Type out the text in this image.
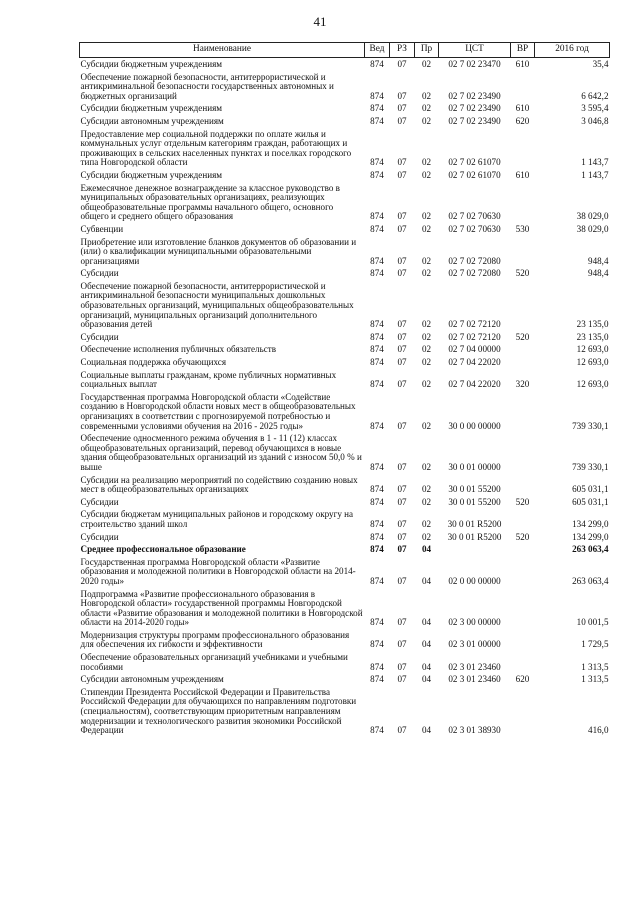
41
Наименование	Вед	РЗ	Пр	ЦСТ	ВР	2016 год
Субсидии бюджетным учреждениям	874	07	02	02 7 02 23470	610	35,4
Обеспечение пожарной безопасности, антитеррористической и антикриминальной безопасности государственных автономных и бюджетных организаций	874	07	02	02 7 02 23490		6 642,2
Субсидии бюджетным учреждениям	874	07	02	02 7 02 23490	610	3 595,4
Субсидии автономным учреждениям	874	07	02	02 7 02 23490	620	3 046,8
Предоставление мер социальной поддержки по оплате жилья и коммунальных услуг отдельным категориям граждан, работающих и проживающих в сельских населенных пунктах и поселках городского типа Новгородской области	874	07	02	02 7 02 61070		1 143,7
Субсидии бюджетным учреждениям	874	07	02	02 7 02 61070	610	1 143,7
Ежемесячное денежное вознаграждение за классное руководство в муниципальных образовательных организациях, реализующих общеобразовательные программы начального общего, основного общего и среднего общего образования	874	07	02	02 7 02 70630		38 029,0
Субвенции	874	07	02	02 7 02 70630	530	38 029,0
Приобретение или изготовление бланков документов об образовании и (или) о квалификации муниципальными образовательными организациями	874	07	02	02 7 02 72080		948,4
Субсидии	874	07	02	02 7 02 72080	520	948,4
Обеспечение пожарной безопасности, антитеррористической и антикриминальной безопасности муниципальных дошкольных образовательных организаций, муниципальных общеобразовательных организаций, муниципальных организаций дополнительного образования детей	874	07	02	02 7 02 72120		23 135,0
Субсидии	874	07	02	02 7 02 72120	520	23 135,0
Обеспечение исполнения публичных обязательств	874	07	02	02 7 04 00000		12 693,0
Социальная поддержка обучающихся	874	07	02	02 7 04 22020		12 693,0
Социальные выплаты гражданам, кроме публичных нормативных социальных выплат	874	07	02	02 7 04 22020	320	12 693,0
Государственная программа Новгородской области «Содействие созданию в Новгородской области новых мест в общеобразовательных организациях в соответствии с прогнозируемой потребностью и современными условиями обучения на 2016 - 2025 годы»	874	07	02	30 0 00 00000		739 330,1
Обеспечение односменного режима обучения в 1 - 11 (12) классах общеобразовательных организаций, перевод обучающихся в новые здания общеобразовательных организаций из зданий с износом 50,0 % и выше	874	07	02	30 0 01 00000		739 330,1
Субсидии на реализацию мероприятий по содействию созданию новых мест в общеобразовательных организациях	874	07	02	30 0 01 55200		605 031,1
Субсидии	874	07	02	30 0 01 55200	520	605 031,1
Субсидии бюджетам муниципальных районов и городскому округу на строительство зданий школ	874	07	02	30 0 01 R5200		134 299,0
Субсидии	874	07	02	30 0 01 R5200	520	134 299,0
Среднее профессиональное образование	874	07	04			263 063,4
Государственная программа Новгородской области «Развитие образования и молодежной политики в Новгородской области на 2014-2020 годы»	874	07	04	02 0 00 00000		263 063,4
Подпрограмма «Развитие профессионального образования в Новгородской области» государственной программы Новгородской области «Развитие образования и молодежной политики в Новгородской области на 2014-2020 годы»	874	07	04	02 3 00 00000		10 001,5
Модернизация структуры программ профессионального образования для обеспечения их гибкости и эффективности	874	07	04	02 3 01 00000		1 729,5
Обеспечение образовательных организаций учебниками и учебными пособиями	874	07	04	02 3 01 23460		1 313,5
Субсидии автономным учреждениям	874	07	04	02 3 01 23460	620	1 313,5
Стипендии Президента Российской Федерации и Правительства Российской Федерации для обучающихся по направлениям подготовки (специальностям), соответствующим приоритетным направлениям модернизации и технологического развития экономики Российской Федерации	874	07	04	02 3 01 38930		416,0
